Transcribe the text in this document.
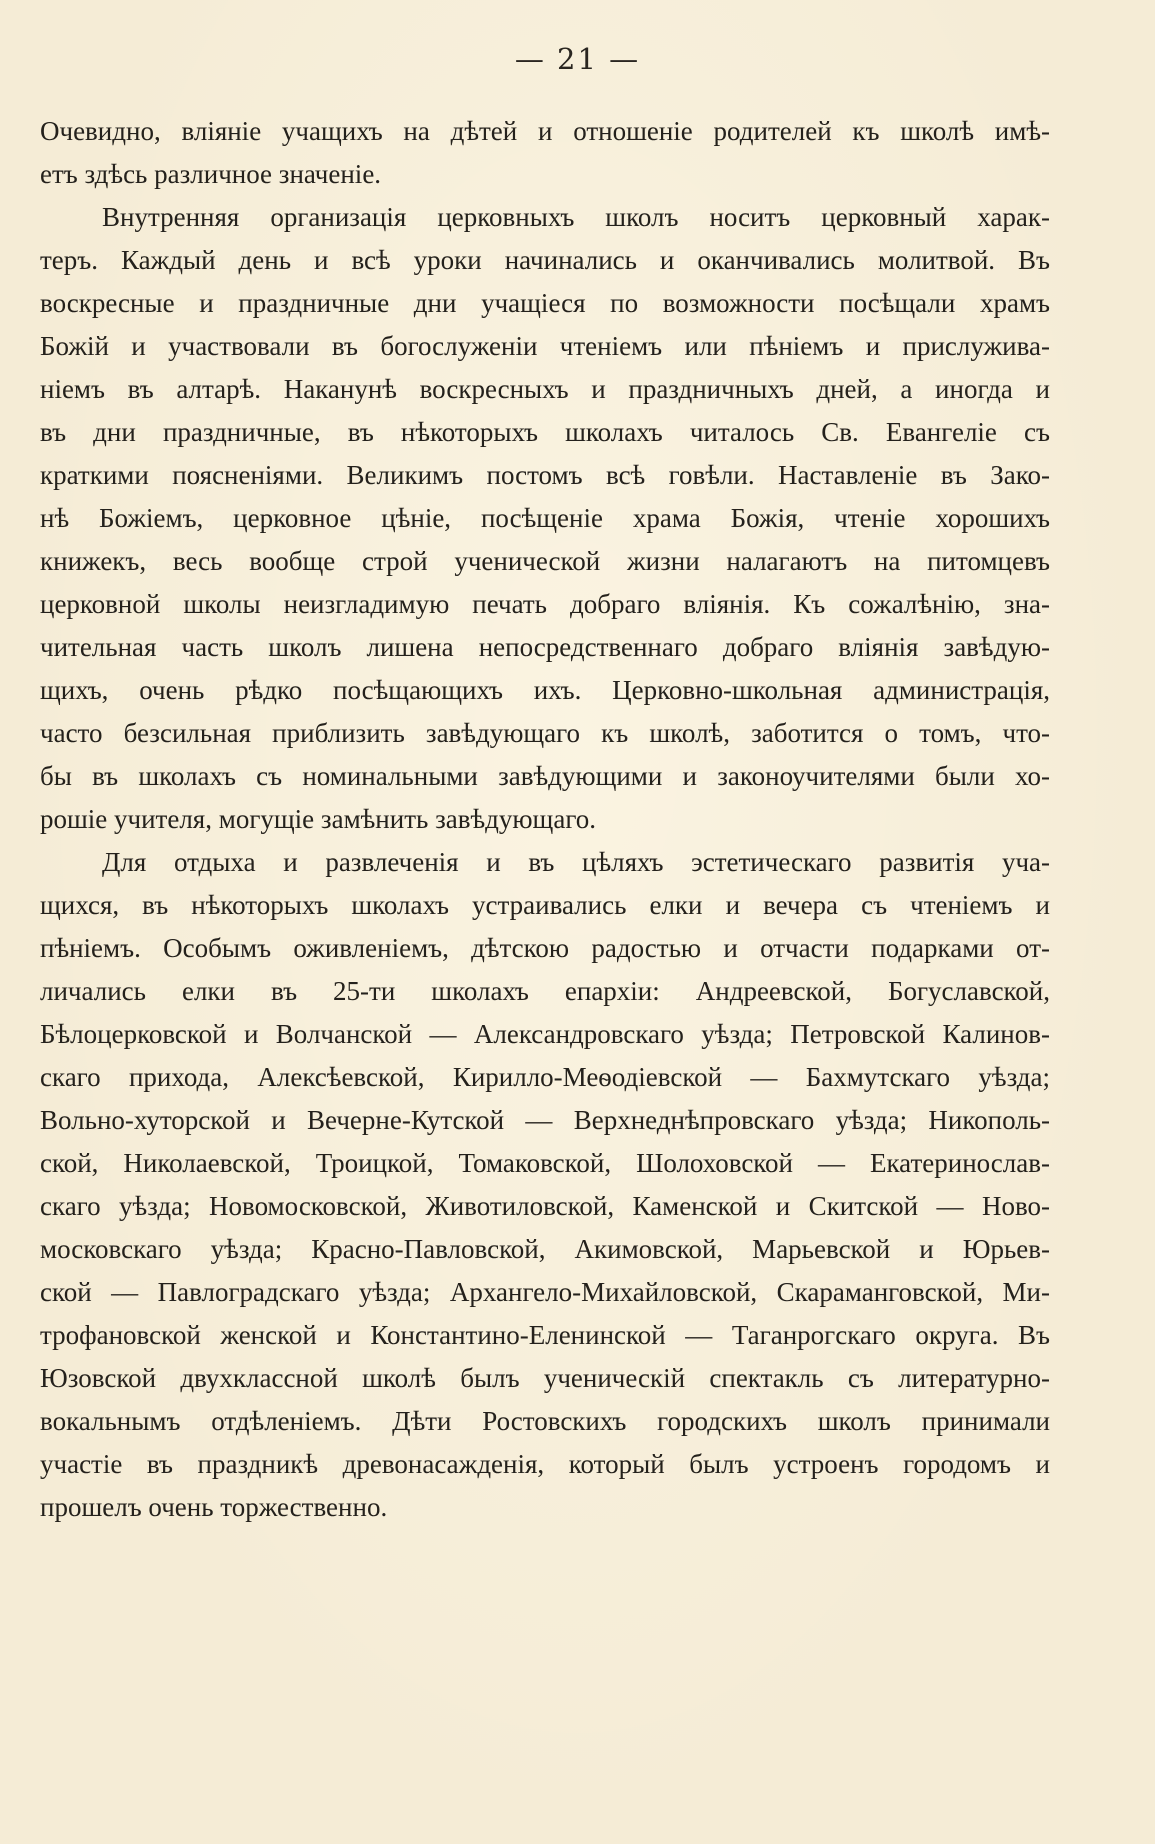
— 21 —
Очевидно, вліяніе учащихъ на дѣтей и отношеніе родителей къ школѣ имѣ-
етъ здѣсь различное значеніе.
Внутренняя организація церковныхъ школъ носитъ церковный харак-
теръ. Каждый день и всѣ уроки начинались и оканчивались молитвой. Въ
воскресные и праздничные дни учащіеся по возможности посѣщали храмъ
Божій и участвовали въ богослуженіи чтеніемъ или пѣніемъ и прислужива-
ніемъ въ алтарѣ. Наканунѣ воскресныхъ и праздничныхъ дней, а иногда и
въ дни праздничные, въ нѣкоторыхъ школахъ читалось Св. Евангеліе съ
краткими поясненіями. Великимъ постомъ всѣ говѣли. Наставленіе въ Зако-
нѣ Божіемъ, церковное цѣніе, посѣщеніе храма Божія, чтеніе хорошихъ
книжекъ, весь вообще строй ученической жизни налагаютъ на питомцевъ
церковной школы неизгладимую печать добраго вліянія. Къ сожалѣнію, зна-
чительная часть школъ лишена непосредственнаго добраго вліянія завѣдую-
щихъ, очень рѣдко посѣщающихъ ихъ. Церковно-школьная администрація,
часто безсильная приблизить завѣдующаго къ школѣ, заботится о томъ, что-
бы въ школахъ съ номинальными завѣдующими и законоучителями были хо-
рошіе учителя, могущіе замѣнить завѣдующаго.
Для отдыха и развлеченія и въ цѣляхъ эстетическаго развитія уча-
щихся, въ нѣкоторыхъ школахъ устраивались елки и вечера съ чтеніемъ и
пѣніемъ. Особымъ оживленіемъ, дѣтскою радостью и отчасти подарками от-
личались елки въ 25-ти школахъ епархіи: Андреевской, Богуславской,
Бѣлоцерковской и Волчанской — Александровскаго уѣзда; Петровской Калинов-
скаго прихода, Алексѣевской, Кирилло-Меѳодіевской — Бахмутскаго уѣзда;
Вольно-хуторской и Вечерне-Кутской — Верхнеднѣпровскаго уѣзда; Никополь-
ской, Николаевской, Троицкой, Томаковской, Шолоховской — Екатеринослав-
скаго уѣзда; Новомосковской, Животиловской, Каменской и Скитской — Ново-
московскаго уѣзда; Красно-Павловской, Акимовской, Марьевской и Юрьев-
ской — Павлоградскаго уѣзда; Архангело-Михайловской, Скараманговской, Ми-
трофановской женской и Константино-Еленинской — Таганрогскаго округа. Въ
Юзовской двухклассной школѣ былъ ученическій спектакль съ литературно-
вокальнымъ отдѣленіемъ. Дѣти Ростовскихъ городскихъ школъ принимали
участіе въ праздникѣ древонасажденія, который былъ устроенъ городомъ и
прошелъ очень торжественно.
